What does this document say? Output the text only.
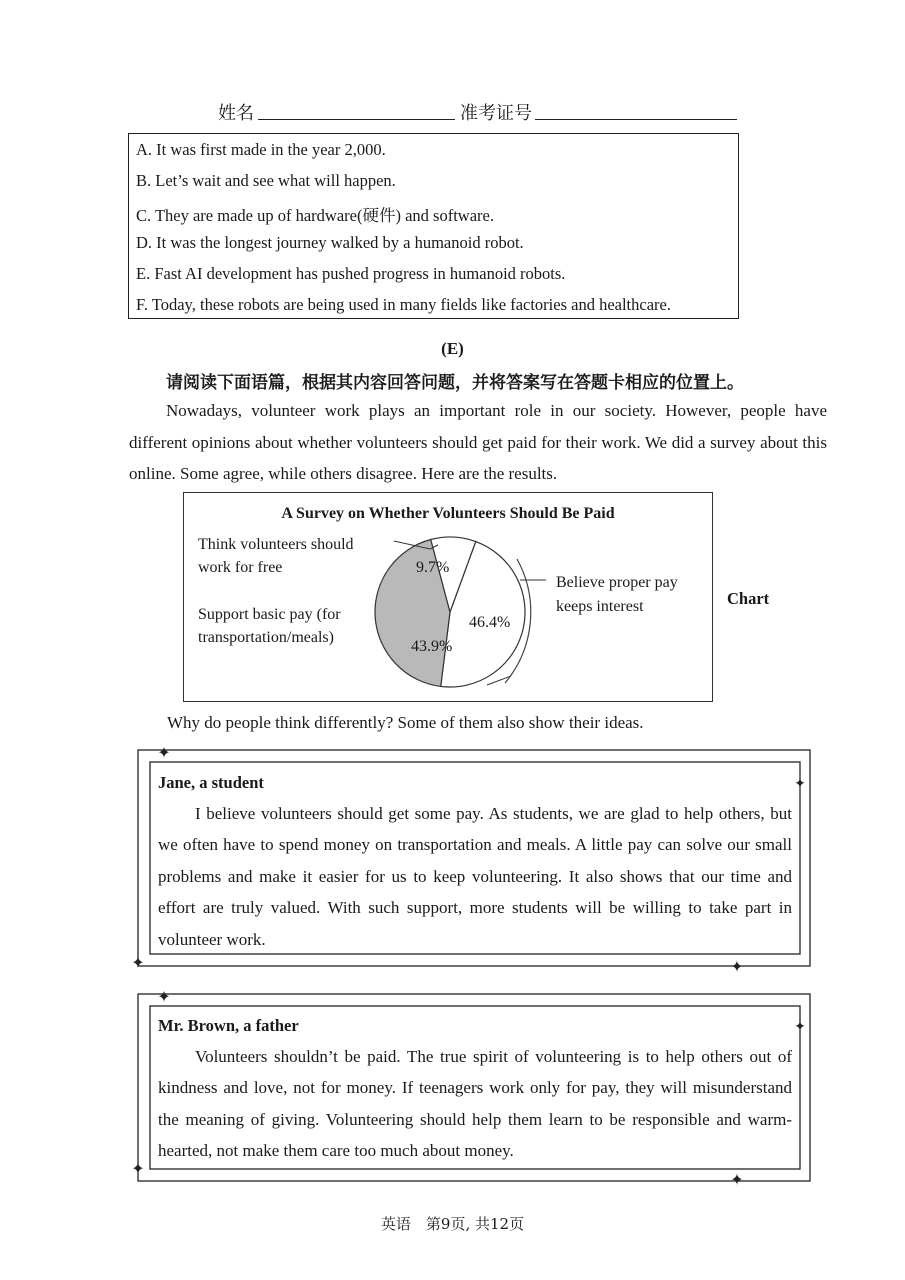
姓名	准考证号
A. It was first made in the year 2,000.
B. Let’s wait and see what will happen.
C. They are made up of hardware(硬件) and software.
D. It was the longest journey walked by a humanoid robot.
E. Fast AI development has pushed progress in humanoid robots.
F. Today, these robots are being used in many fields like factories and healthcare.
(E)
请阅读下面语篇，根据其内容回答问题，并将答案写在答题卡相应的位置上。

Nowadays, volunteer work plays an important role in our society. However, people have different opinions about whether volunteers should get paid for their work. We did a survey about this online. Some agree, while others disagree. Here are the results.

A Survey on Whether Volunteers Should Be Paid
Think volunteers should
work for free
Support basic pay (for
transportation/meals)
Believe proper pay
keeps interest
9.7%
46.4%
43.9%
Chart
Why do people think differently? Some of them also show their ideas.
✦
✦
✦	✦
✦
✦
✦
✦
Jane, a student

I believe volunteers should get some pay. As students, we are glad to help others, but we often have to spend money on transportation and meals. A little pay can solve our small problems and make it easier for us to keep volunteering. It also shows that our time and effort are truly valued. With such support, more students will be willing to take part in volunteer work.

Mr. Brown, a father

Volunteers shouldn’t be paid. The true spirit of volunteering is to help others out of kindness and love, not for money. If teenagers work only for pay, they will misunderstand the meaning of giving. Volunteering should help them learn to be responsible and warm-hearted, not make them care too much about money.

英语　第9页, 共12页
